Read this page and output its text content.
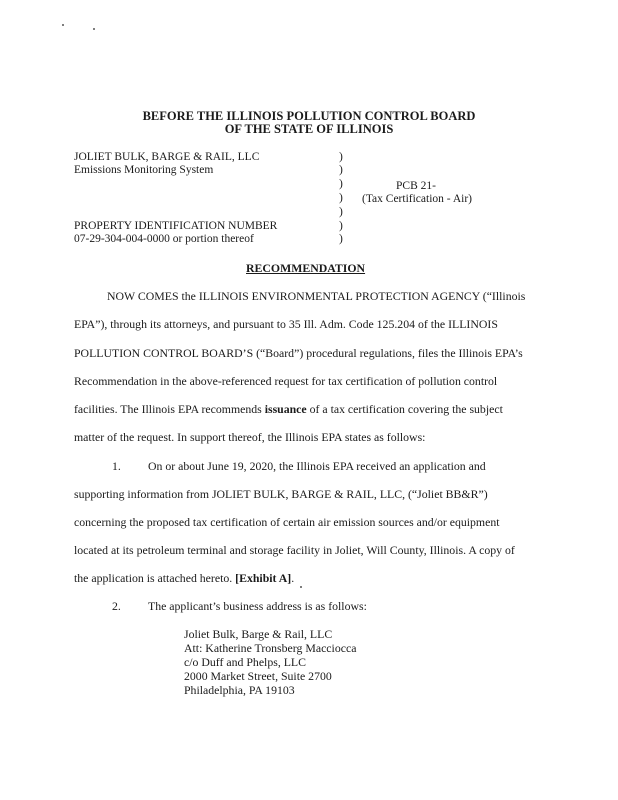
BEFORE THE ILLINOIS POLLUTION CONTROL BOARD
OF THE STATE OF ILLINOIS
JOLIET BULK, BARGE & RAIL, LLC
Emissions Monitoring System
PROPERTY IDENTIFICATION NUMBER
07-29-304-004-0000 or portion thereof
)
)
)
)
)
)
)
PCB 21-
(Tax Certification - Air)
RECOMMENDATION
NOW COMES the ILLINOIS ENVIRONMENTAL PROTECTION AGENCY (“Illinois
EPA”), through its attorneys, and pursuant to 35 Ill. Adm. Code 125.204 of the ILLINOIS
POLLUTION CONTROL BOARD’S (“Board”) procedural regulations, files the Illinois EPA’s
Recommendation in the above-referenced request for tax certification of pollution control
facilities. The Illinois EPA recommends issuance of a tax certification covering the subject
matter of the request. In support thereof, the Illinois EPA states as follows:
1. On or about June 19, 2020, the Illinois EPA received an application and
supporting information from JOLIET BULK, BARGE & RAIL, LLC, (“Joliet BB&R”)
concerning the proposed tax certification of certain air emission sources and/or equipment
located at its petroleum terminal and storage facility in Joliet, Will County, Illinois. A copy of
the application is attached hereto. [Exhibit A].
2. The applicant’s business address is as follows:
Joliet Bulk, Barge & Rail, LLC
Att: Katherine Tronsberg Macciocca
c/o Duff and Phelps, LLC
2000 Market Street, Suite 2700
Philadelphia, PA 19103
